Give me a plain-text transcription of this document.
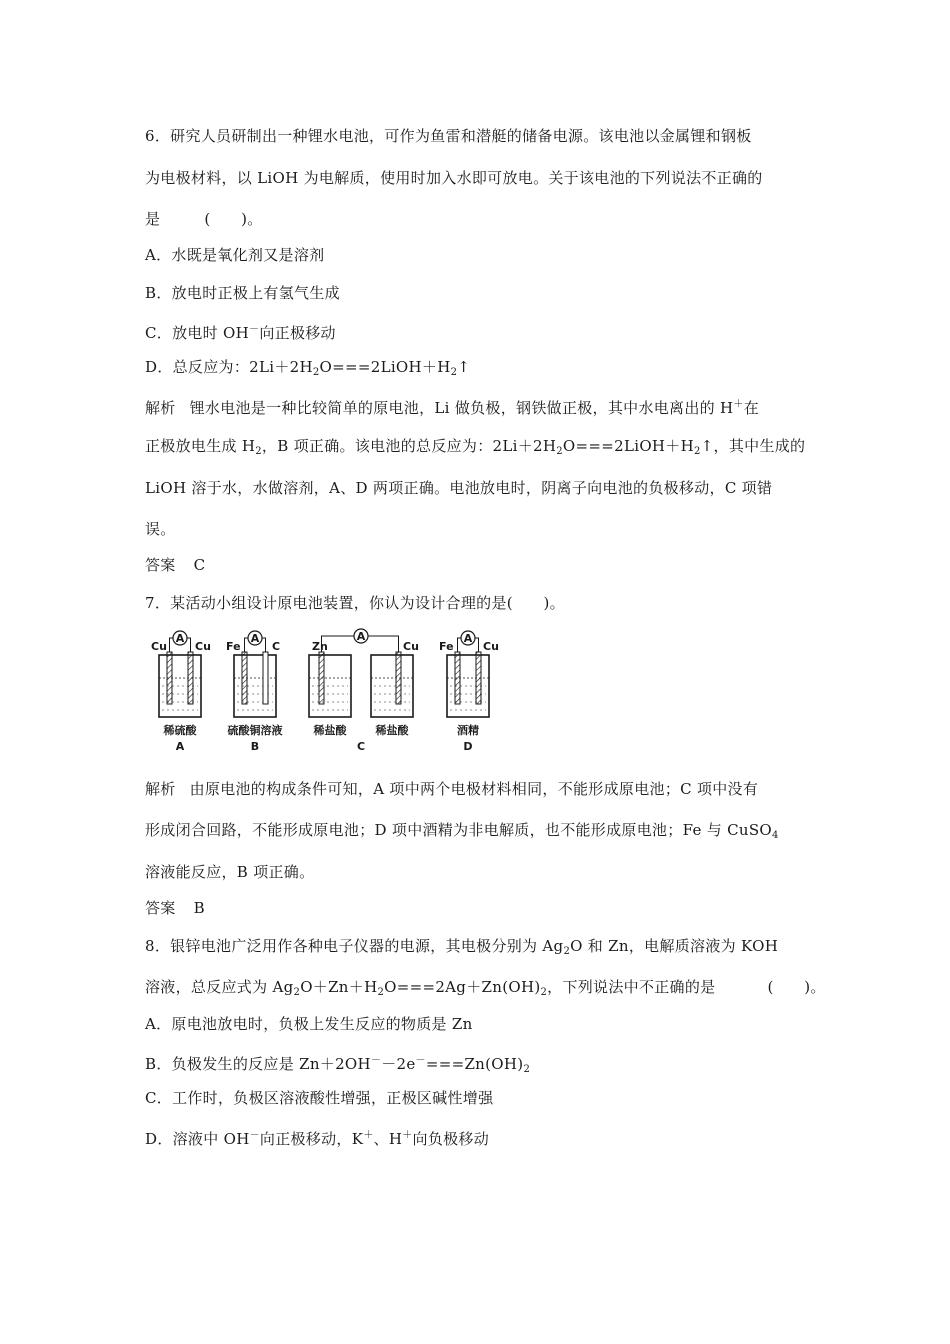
6．研究人员研制出一种锂水电池，可作为鱼雷和潜艇的储备电源。该电池以金属锂和钢板
为电极材料，以 LiOH 为电解质，使用时加入水即可放电。关于该电池的下列说法不正确的
是	(　　)。
A．水既是氧化剂又是溶剂
B．放电时正极上有氢气生成
C．放电时 OH－向正极移动
D．总反应为：$2Li+2H_2O===2LiOH+H_2↑$
解析 锂水电池是一种比较简单的原电池，Li 做负极，钢铁做正极，其中水电离出的 H＋在
正极放电生成 $H_2$，B 项正确。该电池的总反应为：$2Li+2H_2O===2LiOH+H_2↑$，其中生成的
LiOH 溶于水，水做溶剂，A、D 两项正确。电池放电时，阴离子向电池的负极移动，C 项错
误。
答案 C
7．某活动小组设计原电池装置，你认为设计合理的是(　　)。
A
Cu	Cu
稀硫酸
A
A
Fe	C
硫酸铜溶液
B
A
Zn	Cu
稀盐酸	稀盐酸
C
A
Fe	Cu
酒精
D
解析 由原电池的构成条件可知，A 项中两个电极材料相同，不能形成原电池；C 项中没有
形成闭合回路，不能形成原电池；D 项中酒精为非电解质，也不能形成原电池；Fe 与 CuSO$_4$
溶液能反应，B 项正确。
答案 B
8．银锌电池广泛用作各种电子仪器的电源，其电极分别为 $Ag_2O$ 和 Zn，电解质溶液为 KOH
溶液，总反应式为 $Ag_2O+Zn+H_2O===2Ag+Zn(OH)_2$，下列说法中不正确的是	(　　)。
A．原电池放电时，负极上发生反应的物质是 Zn
B．负极发生的反应是 $Zn+2OH^--2e^-===Zn(OH)_2$
C．工作时，负极区溶液酸性增强，正极区碱性增强
D．溶液中 OH－向正极移动，K＋、H＋向负极移动
